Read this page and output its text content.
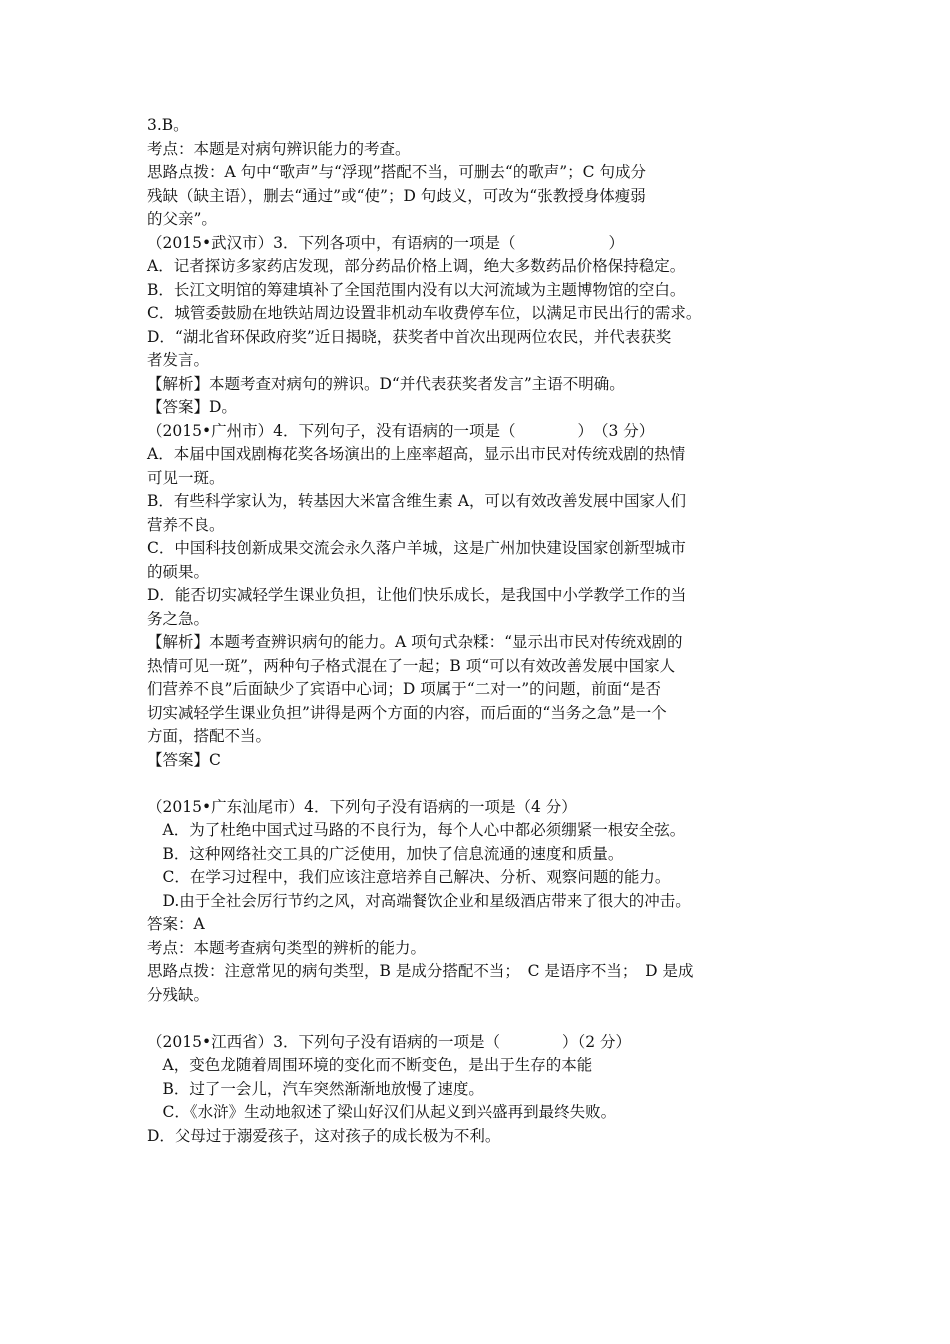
3.B。
考点：本题是对病句辨识能力的考查。
思路点拨：A 句中“歌声”与“浮现”搭配不当，可删去“的歌声”；C 句成分
残缺（缺主语），删去“通过”或“使”；D 句歧义，可改为“张教授身体瘦弱
的父亲”。
（2015•武汉市）3．下列各项中，有语病的一项是（　　　　　　）
A．记者探访多家药店发现，部分药品价格上调，绝大多数药品价格保持稳定。
B．长江文明馆的筹建填补了全国范围内没有以大河流域为主题博物馆的空白。
C．城管委鼓励在地铁站周边设置非机动车收费停车位，以满足市民出行的需求。
D．“湖北省环保政府奖”近日揭晓，获奖者中首次出现两位农民，并代表获奖
者发言。
【解析】本题考查对病句的辨识。D“并代表获奖者发言”主语不明确。
【答案】D。
（2015•广州市）4．下列句子，没有语病的一项是（　　　　）　（3 分）
A．本届中国戏剧梅花奖各场演出的上座率超高，显示出市民对传统戏剧的热情
可见一斑。
B．有些科学家认为，转基因大米富含维生素 A，可以有效改善发展中国家人们
营养不良。
C．中国科技创新成果交流会永久落户羊城，这是广州加快建设国家创新型城市
的硕果。
D．能否切实减轻学生课业负担，让他们快乐成长，是我国中小学教学工作的当
务之急。
【解析】本题考查辨识病句的能力。A 项句式杂糅：“显示出市民对传统戏剧的
热情可见一斑”，两种句子格式混在了一起；B 项“可以有效改善发展中国家人
们营养不良”后面缺少了宾语中心词；D 项属于“二对一”的问题，前面“是否
切实减轻学生课业负担”讲得是两个方面的内容，而后面的“当务之急”是一个
方面，搭配不当。
【答案】C
（2015•广东汕尾市）4．下列句子没有语病的一项是（4 分）
　A．为了杜绝中国式过马路的不良行为，每个人心中都必须绷紧一根安全弦。
　B．这种网络社交工具的广泛使用，加快了信息流通的速度和质量。
　C．在学习过程中，我们应该注意培养自己解决、分析、观察问题的能力。
　D.由于全社会厉行节约之风，对高端餐饮企业和星级酒店带来了很大的冲击。
答案：A
考点：本题考查病句类型的辨析的能力。
思路点拨：注意常见的病句类型，B 是成分搭配不当；　C 是语序不当；　D 是成
分残缺。
（2015•江西省）3．下列句子没有语病的一项是（　　　　）（2 分）
　A，变色龙随着周围环境的变化而不断变色，是出于生存的本能
　B．过了一会儿，汽车突然渐渐地放慢了速度。
　C．《水浒》生动地叙述了梁山好汉们从起义到兴盛再到最终失败。
D．父母过于溺爱孩子，这对孩子的成长极为不利。
